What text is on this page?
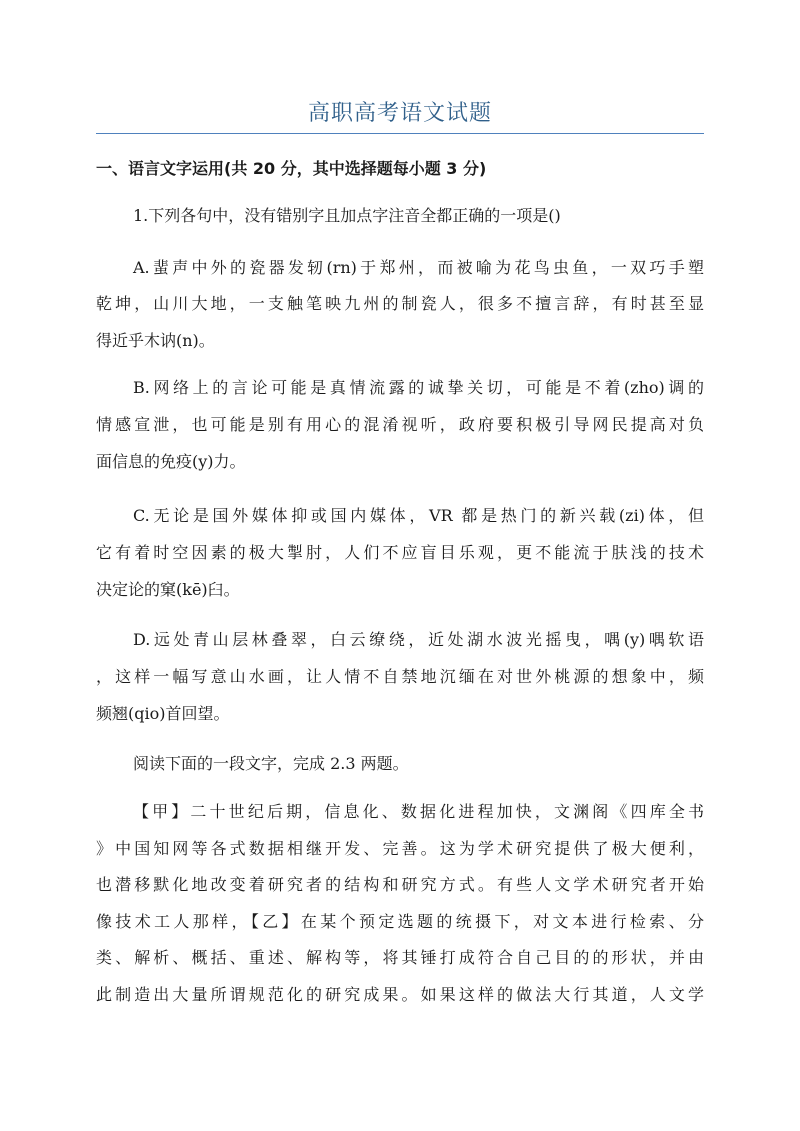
高职高考语文试题
一、语言文字运用(共 20 分，其中选择题每小题 3 分)
1.下列各句中，没有错别字且加点字注音全都正确的一项是()
A.蜚声中外的瓷器发轫(rn)于郑州，而被喻为花鸟虫鱼，一双巧手塑
乾坤，山川大地，一支触笔映九州的制瓷人，很多不擅言辞，有时甚至显
得近乎木讷(n)。
B.网络上的言论可能是真情流露的诚挚关切，可能是不着(zho)调的
情感宣泄，也可能是别有用心的混淆视听，政府要积极引导网民提高对负
面信息的免疫(y)力。
C.无论是国外媒体抑或国内媒体，VR 都是热门的新兴载(zi)体，但
它有着时空因素的极大掣肘，人们不应盲目乐观，更不能流于肤浅的技术
决定论的窠(kē)臼。
D.远处青山层林叠翠，白云缭绕，近处湖水波光摇曳，喁(y)喁软语
，这样一幅写意山水画，让人情不自禁地沉缅在对世外桃源的想象中，频
频翘(qio)首回望。
阅读下面的一段文字，完成 2.3 两题。
【甲】二十世纪后期，信息化、数据化进程加快，文渊阁《四库全书
》中国知网等各式数据相继开发、完善。这为学术研究提供了极大便利，
也潜移默化地改变着研究者的结构和研究方式。有些人文学术研究者开始
像技术工人那样，【乙】在某个预定选题的统摄下，对文本进行检索、分
类、解析、概括、重述、解构等，将其锤打成符合自己目的的形状，并由
此制造出大量所谓规范化的研究成果。如果这样的做法大行其道，人文学
